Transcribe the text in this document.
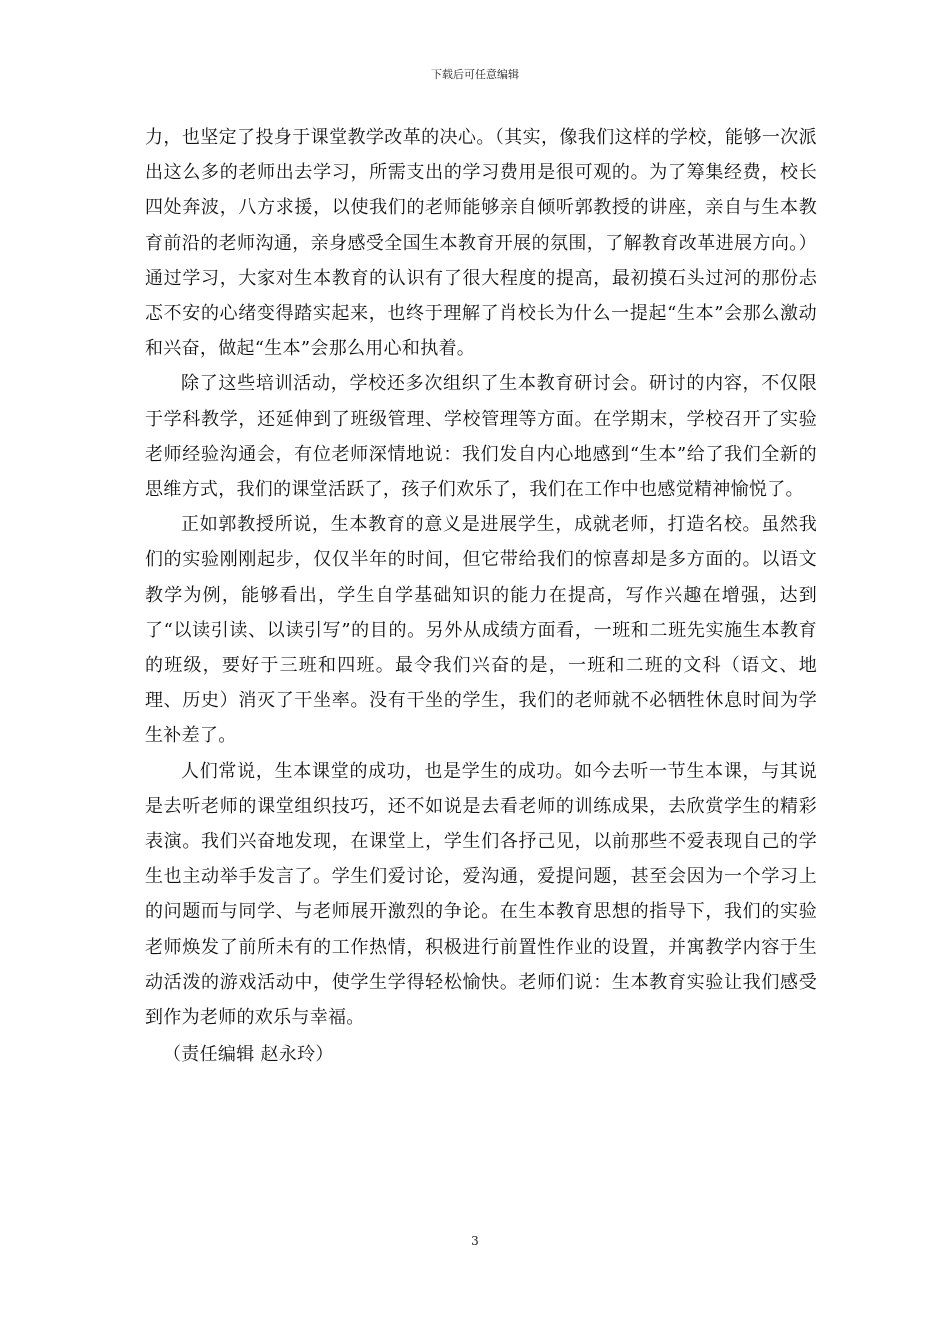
下载后可任意编辑

力，也坚定了投身于课堂教学改革的决心。（其实，像我们这样的学校，能够一次派出这么多的老师出去学习，所需支出的学习费用是很可观的。为了筹集经费，校长四处奔波，八方求援，以使我们的老师能够亲自倾听郭教授的讲座，亲自与生本教育前沿的老师沟通，亲身感受全国生本教育开展的氛围，了解教育改革进展方向。）通过学习，大家对生本教育的认识有了很大程度的提高，最初摸石头过河的那份忐忑不安的心绪变得踏实起来，也终于理解了肖校长为什么一提起“生本”会那么激动和兴奋，做起“生本”会那么用心和执着。

除了这些培训活动，学校还多次组织了生本教育研讨会。研讨的内容，不仅限于学科教学，还延伸到了班级管理、学校管理等方面。在学期末，学校召开了实验老师经验沟通会，有位老师深情地说：我们发自内心地感到“生本”给了我们全新的思维方式，我们的课堂活跃了，孩子们欢乐了，我们在工作中也感觉精神愉悦了。

正如郭教授所说，生本教育的意义是进展学生，成就老师，打造名校。虽然我们的实验刚刚起步，仅仅半年的时间，但它带给我们的惊喜却是多方面的。以语文教学为例，能够看出，学生自学基础知识的能力在提高，写作兴趣在增强，达到了“以读引读、以读引写”的目的。另外从成绩方面看，一班和二班先实施生本教育的班级，要好于三班和四班。最令我们兴奋的是，一班和二班的文科（语文、地理、历史）消灭了干坐率。没有干坐的学生，我们的老师就不必牺牲休息时间为学生补差了。

人们常说，生本课堂的成功，也是学生的成功。如今去听一节生本课，与其说是去听老师的课堂组织技巧，还不如说是去看老师的训练成果，去欣赏学生的精彩表演。我们兴奋地发现，在课堂上，学生们各抒己见，以前那些不爱表现自己的学生也主动举手发言了。学生们爱讨论，爱沟通，爱提问题，甚至会因为一个学习上的问题而与同学、与老师展开激烈的争论。在生本教育思想的指导下，我们的实验老师焕发了前所未有的工作热情，积极进行前置性作业的设置，并寓教学内容于生动活泼的游戏活动中，使学生学得轻松愉快。老师们说：生本教育实验让我们感受到作为老师的欢乐与幸福。

（责任编辑 赵永玲）

3
